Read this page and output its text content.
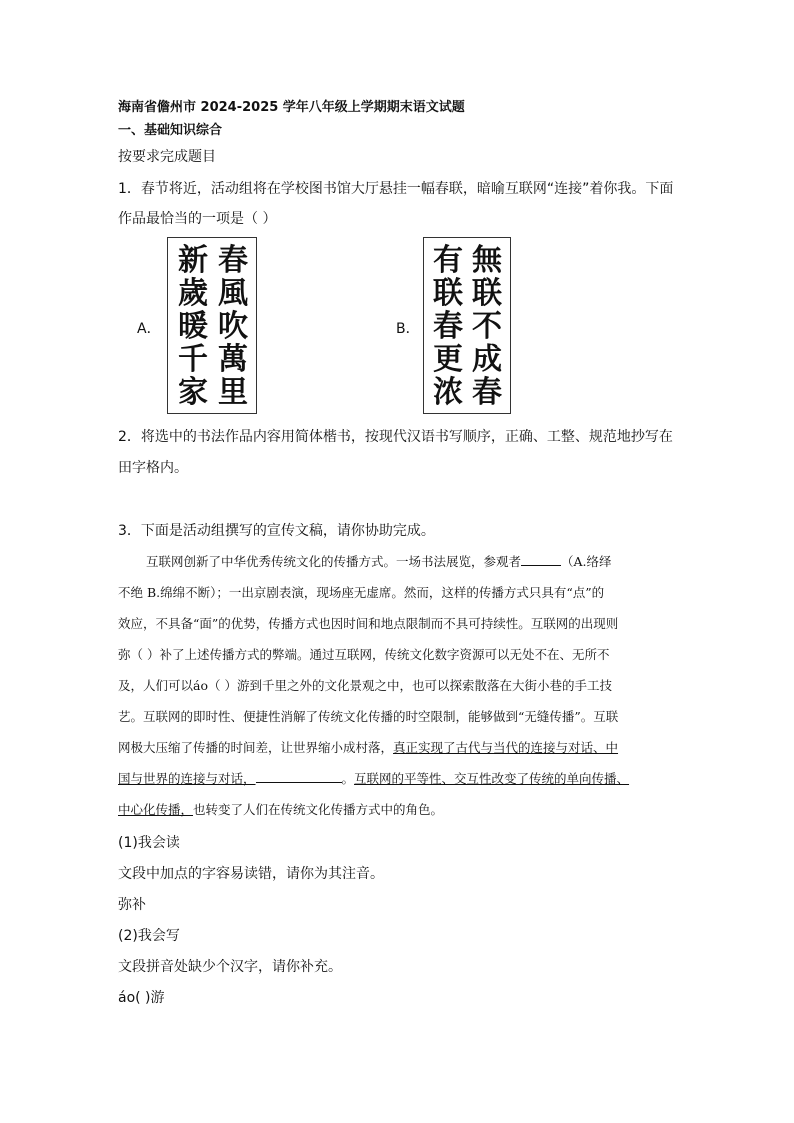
海南省儋州市 2024-2025 学年八年级上学期期末语文试题
一、基础知识综合
按要求完成题目
1．春节将近，活动组将在学校图书馆大厅悬挂一幅春联，暗喻互联网“连接”着你我。下面
作品最恰当的一项是（ ）
A．
春風吹萬里
新歲暖千家
B．
無联不成春
有联春更浓
2．将选中的书法作品内容用简体楷书，按现代汉语书写顺序，正确、工整、规范地抄写在
田字格内。
3．下面是活动组撰写的宣传文稿，请你协助完成。
互联网创新了中华优秀传统文化的传播方式。一场书法展览，参观者	（A.络绎
不绝 B.绵绵不断）；一出京剧表演，现场座无虚席。然而，这样的传播方式只具有“点”的
效应，不具备“面”的优势，传播方式也因时间和地点限制而不具可持续性。互联网的出现则
弥（ ）补了上述传播方式的弊端。通过互联网，传统文化数字资源可以无处不在、无所不
及，人们可以áo（ ）游到千里之外的文化景观之中，也可以探索散落在大街小巷的手工技
艺。互联网的即时性、便捷性消解了传统文化传播的时空限制，能够做到“无缝传播”。互联
网极大压缩了传播的时间差，让世界缩小成村落，真正实现了古代与当代的连接与对话、中
国与世界的连接与对话，	。互联网的平等性、交互性改变了传统的单向传播、
中心化传播，也转变了人们在传统文化传播方式中的角色。
(1)我会读
文段中加点的字容易读错，请你为其注音。
弥补
(2)我会写
文段拼音处缺少个汉字，请你补充。
áo( )游
